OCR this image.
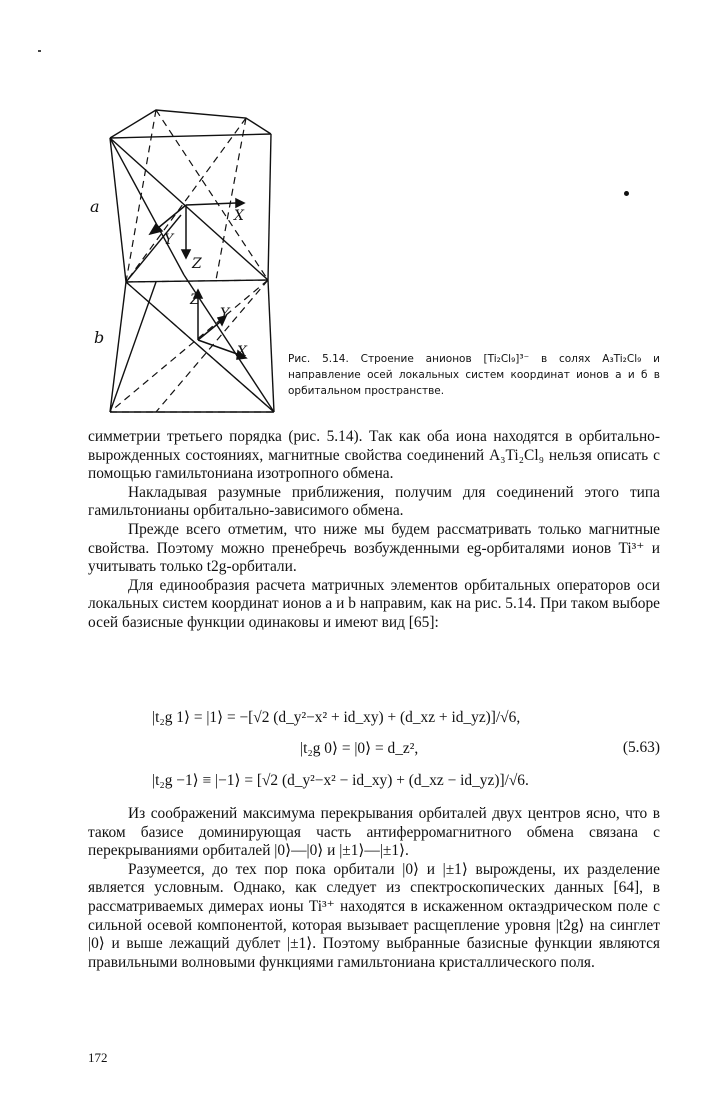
a
b
X
Y
Z
Z
Y
X	Рис. 5.14. Строение анионов [Ti₂Cl₉]³⁻ в солях A₃Ti₂Cl₉ и направление осей локальных систем координат ионов a и б в орбитальном пространстве.

симметрии третьего порядка (рис. 5.14). Так как оба иона находятся в орбитально-вырожденных состояниях, магнитные свойства соединений A₃Ti₂Cl₉ нельзя описать с помощью гамильтониана изотропного обмена.

Накладывая разумные приближения, получим для соединений этого типа гамильтонианы орбитально-зависимого обмена.

Прежде всего отметим, что ниже мы будем рассматривать только магнитные свойства. Поэтому можно пренебречь возбужденными eg-орбиталями ионов Ti³⁺ и учитывать только t2g-орбитали.

Для единообразия расчета матричных элементов орбитальных операторов оси локальных систем координат ионов a и b направим, как на рис. 5.14. При таком выборе осей базисные функции одинаковы и имеют вид [65]:

|t₂g 1⟩ = |1⟩ = −[√2 (d_y²−x² + id_xy) + (d_xz + id_yz)]/√6,
|t₂g 0⟩ = |0⟩ = d_z²,	(5.63)
|t₂g −1⟩ ≡ |−1⟩ = [√2 (d_y²−x² − id_xy) + (d_xz − id_yz)]/√6.

Из соображений максимума перекрывания орбиталей двух центров ясно, что в таком базисе доминирующая часть антиферромагнитного обмена связана с перекрываниями орбиталей |0⟩—|0⟩ и |±1⟩—|±1⟩.

Разумеется, до тех пор пока орбитали |0⟩ и |±1⟩ вырождены, их разделение является условным. Однако, как следует из спектроскопических данных [64], в рассматриваемых димерах ионы Ti³⁺ находятся в искаженном октаэдрическом поле с сильной осевой компонентой, которая вызывает расщепление уровня |t2g⟩ на синглет |0⟩ и выше лежащий дублет |±1⟩. Поэтому выбранные базисные функции являются правильными волновыми функциями гамильтониана кристаллического поля.

172
